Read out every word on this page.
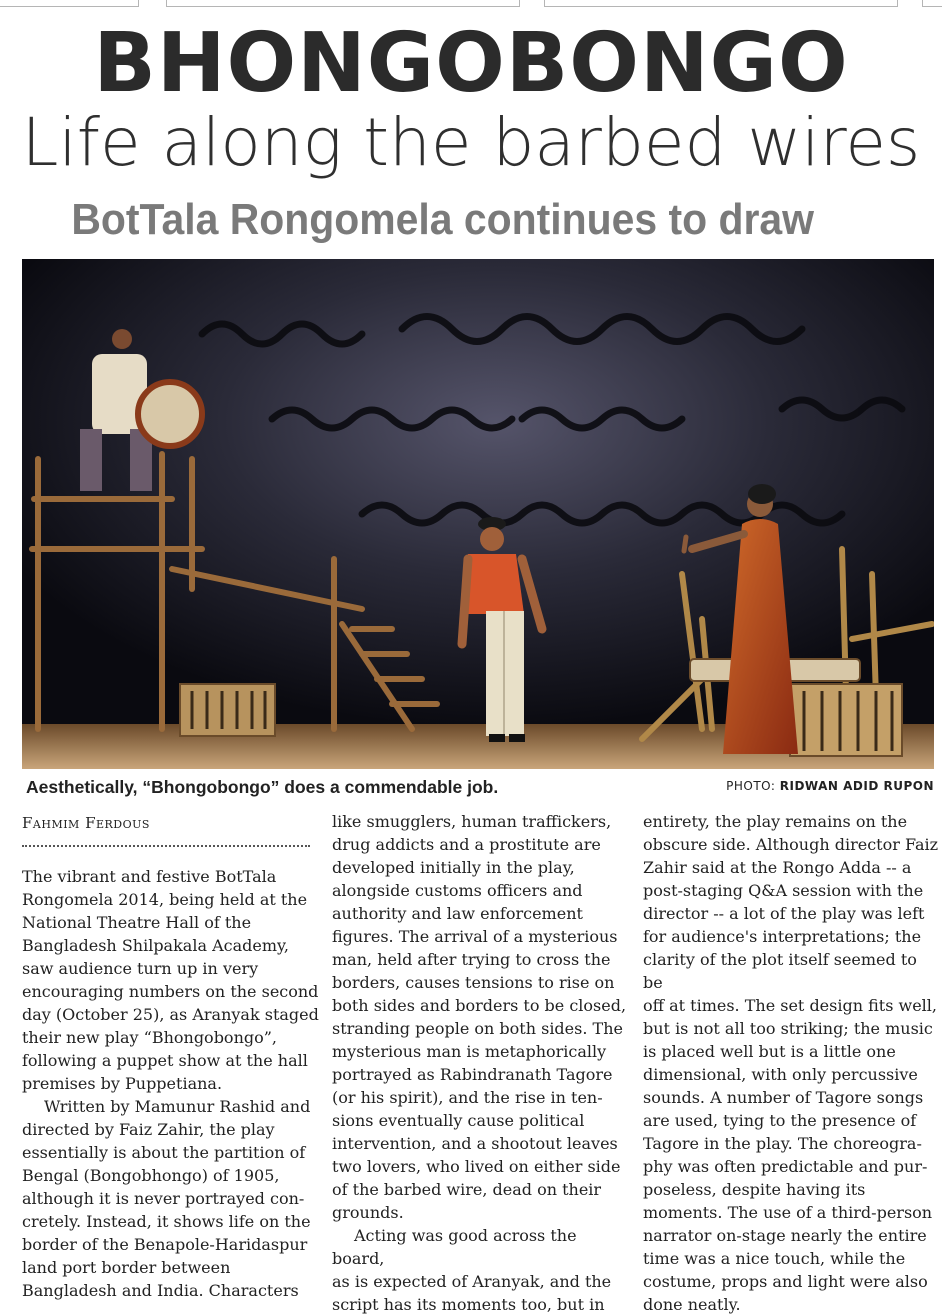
BHONGOBONGO
Life along the barbed wires
BotTala Rongomela continues to draw
Aesthetically, “Bhongobongo” does a commendable job.	PHOTO: RIDWAN ADID RUPON
Fahmim Ferdous

The vibrant and festive BotTala

Rongomela 2014, being held at the

National Theatre Hall of the

Bangladesh Shilpakala Academy,

saw audience turn up in very

encouraging numbers on the second

day (October 25), as Aranyak staged

their new play “Bhongobongo”,

following a puppet show at the hall

premises by Puppetiana.

Written by Mamunur Rashid and

directed by Faiz Zahir, the play

essentially is about the partition of

Bengal (Bongobhongo) of 1905,

although it is never portrayed con-

cretely. Instead, it shows life on the

border of the Benapole-Haridaspur

land port border between

Bangladesh and India. Characters

like smugglers, human traffickers,

drug addicts and a prostitute are

developed initially in the play,

alongside customs officers and

authority and law enforcement

figures. The arrival of a mysterious

man, held after trying to cross the

borders, causes tensions to rise on

both sides and borders to be closed,

stranding people on both sides. The

mysterious man is metaphorically

portrayed as Rabindranath Tagore

(or his spirit), and the rise in ten-

sions eventually cause political

intervention, and a shootout leaves

two lovers, who lived on either side

of the barbed wire, dead on their

grounds.

Acting was good across the board,

as is expected of Aranyak, and the

script has its moments too, but in

entirety, the play remains on the

obscure side. Although director Faiz

Zahir said at the Rongo Adda -- a

post-staging Q&A session with the

director -- a lot of the play was left

for audience's interpretations; the

clarity of the plot itself seemed to be

off at times. The set design fits well,

but is not all too striking; the music

is placed well but is a little one

dimensional, with only percussive

sounds. A number of Tagore songs

are used, tying to the presence of

Tagore in the play. The choreogra-

phy was often predictable and pur-

poseless, despite having its

moments. The use of a third-person

narrator on-stage nearly the entire

time was a nice touch, while the

costume, props and light were also

done neatly.
